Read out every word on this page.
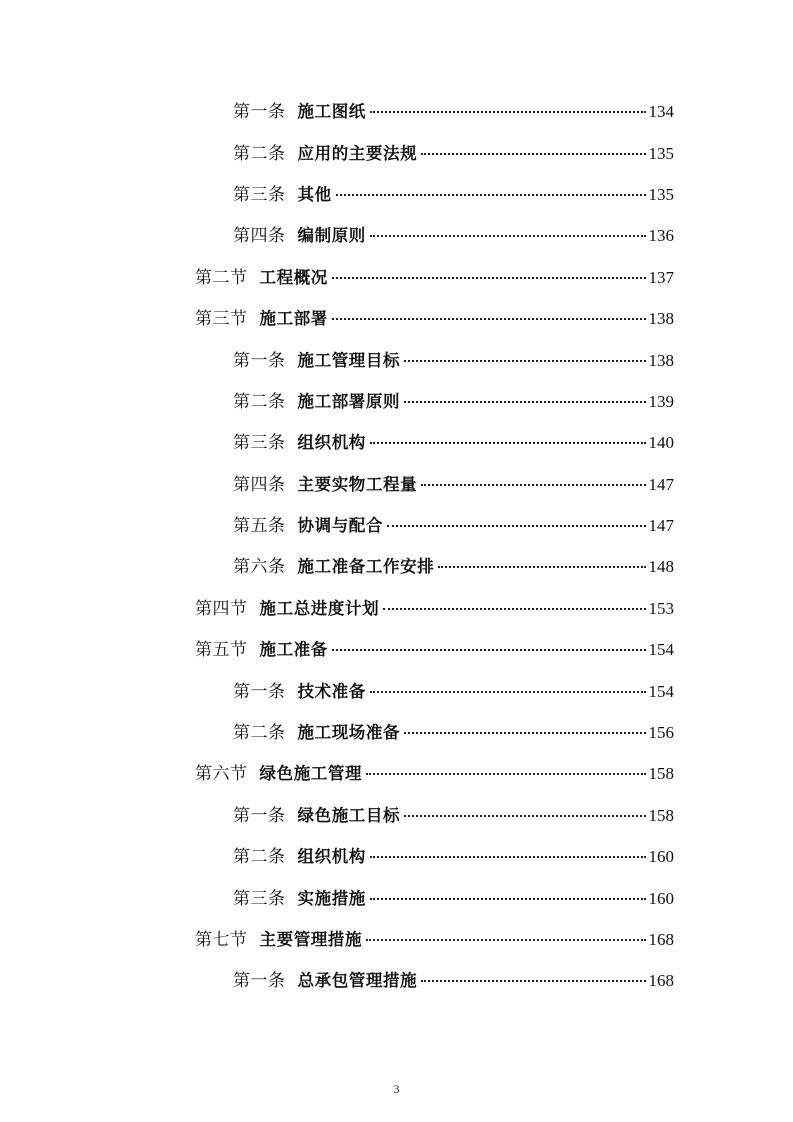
第一条 施工图纸	134
第二条 应用的主要法规	135
第三条 其他	135
第四条 编制原则	136
第二节 工程概况	137
第三节 施工部署	138
第一条 施工管理目标	138
第二条 施工部署原则	139
第三条 组织机构	140
第四条 主要实物工程量	147
第五条 协调与配合	147
第六条 施工准备工作安排	148
第四节 施工总进度计划	153
第五节 施工准备	154
第一条 技术准备	154
第二条 施工现场准备	156
第六节 绿色施工管理	158
第一条 绿色施工目标	158
第二条 组织机构	160
第三条 实施措施	160
第七节 主要管理措施	168
第一条 总承包管理措施	168
3
